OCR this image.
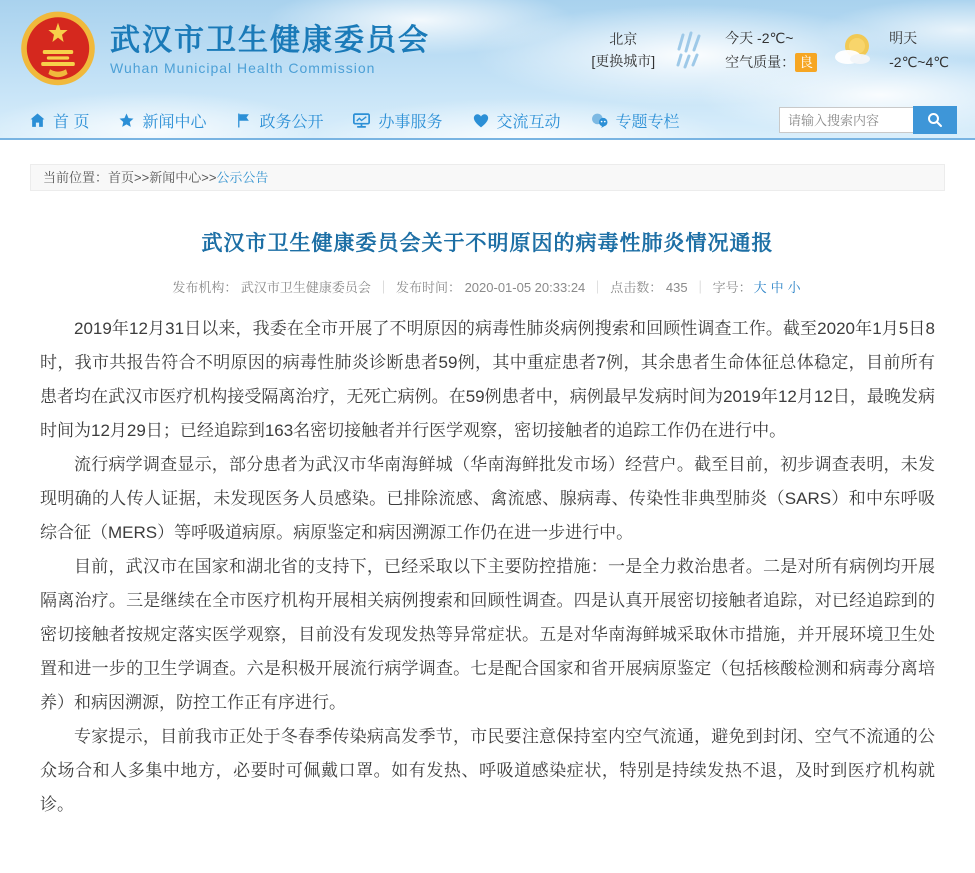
武汉市卫生健康委员会
Wuhan Municipal Health Commission
北京
[更换城市]
今天 -2℃~
空气质量： 良
明天
-2℃~4℃
首 页	新闻中心	政务公开	办事服务	交流互动	专题专栏
请输入搜索内容
当前位置：首页>>新闻中心>>公示公告
武汉市卫生健康委员会关于不明原因的病毒性肺炎情况通报
发布机构： 武汉市卫生健康委员会 ｜ 发布时间： 2020-01-05 20:33:24 ｜ 点击数： 435 ｜ 字号： 大 中 小

2019年12月31日以来，我委在全市开展了不明原因的病毒性肺炎病例搜索和回顾性调查工作。截至2020年1月5日8时，我市共报告符合不明原因的病毒性肺炎诊断患者59例，其中重症患者7例，其余患者生命体征总体稳定，目前所有患者均在武汉市医疗机构接受隔离治疗，无死亡病例。在59例患者中，病例最早发病时间为2019年12月12日，最晚发病时间为12月29日；已经追踪到163名密切接触者并行医学观察，密切接触者的追踪工作仍在进行中。

流行病学调查显示，部分患者为武汉市华南海鲜城（华南海鲜批发市场）经营户。截至目前，初步调查表明，未发现明确的人传人证据，未发现医务人员感染。已排除流感、禽流感、腺病毒、传染性非典型肺炎（SARS）和中东呼吸综合征（MERS）等呼吸道病原。病原鉴定和病因溯源工作仍在进一步进行中。

目前，武汉市在国家和湖北省的支持下，已经采取以下主要防控措施：一是全力救治患者。二是对所有病例均开展隔离治疗。三是继续在全市医疗机构开展相关病例搜索和回顾性调查。四是认真开展密切接触者追踪，对已经追踪到的密切接触者按规定落实医学观察，目前没有发现发热等异常症状。五是对华南海鲜城采取休市措施，并开展环境卫生处置和进一步的卫生学调查。六是积极开展流行病学调查。七是配合国家和省开展病原鉴定（包括核酸检测和病毒分离培养）和病因溯源，防控工作正有序进行。

专家提示，目前我市正处于冬春季传染病高发季节，市民要注意保持室内空气流通，避免到封闭、空气不流通的公众场合和人多集中地方，必要时可佩戴口罩。如有发热、呼吸道感染症状，特别是持续发热不退，及时到医疗机构就诊。
